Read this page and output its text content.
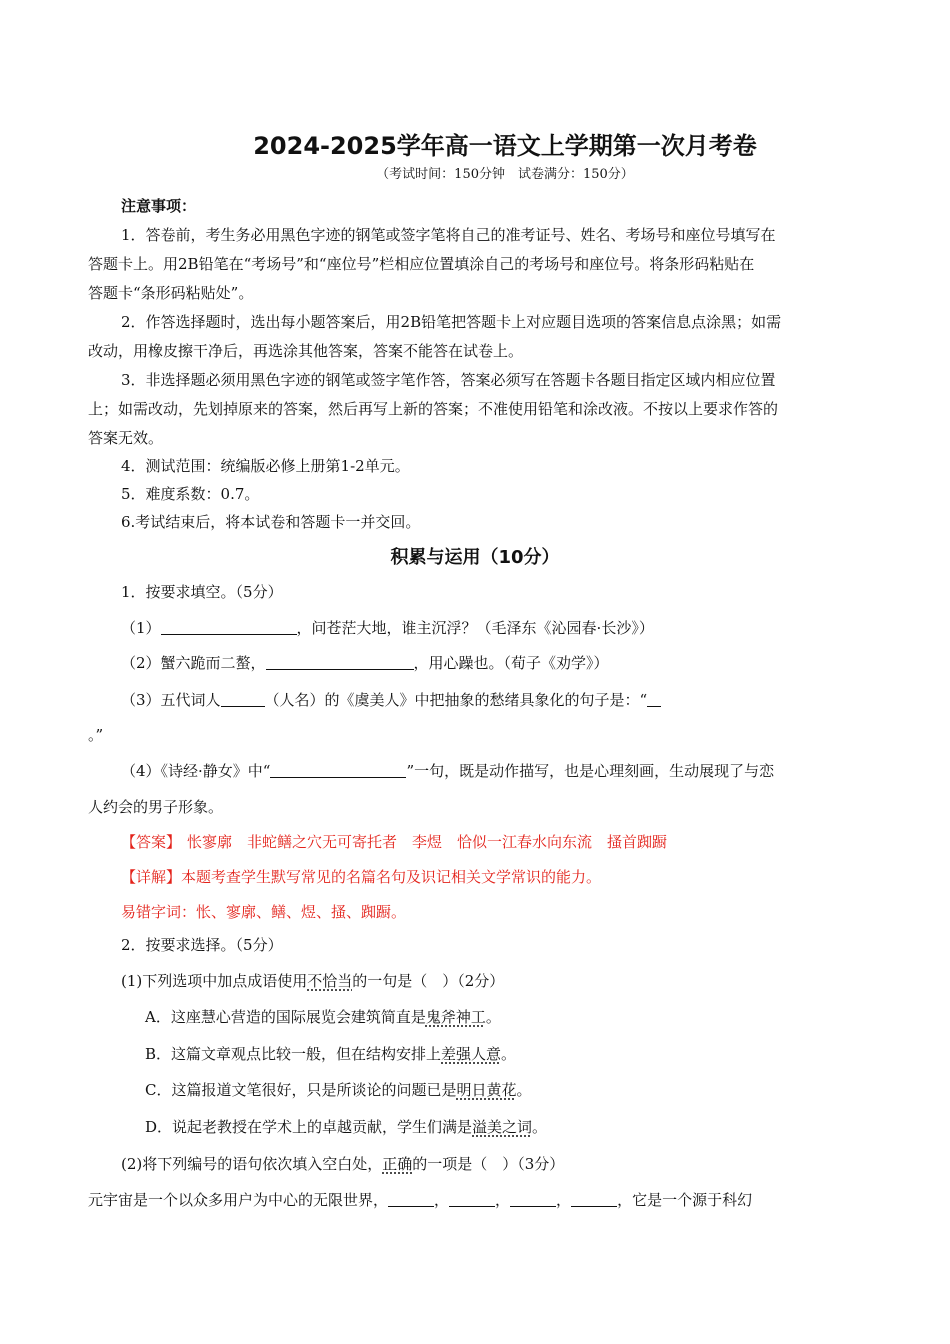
2024-2025学年高一语文上学期第一次月考卷
（考试时间：150分钟　试卷满分：150分）
注意事项：
1．答卷前，考生务必用黑色字迹的钢笔或签字笔将自己的准考证号、姓名、考场号和座位号填写在
答题卡上。用2B铅笔在“考场号”和“座位号”栏相应位置填涂自己的考场号和座位号。将条形码粘贴在
答题卡“条形码粘贴处”。
2．作答选择题时，选出每小题答案后，用2B铅笔把答题卡上对应题目选项的答案信息点涂黑；如需
改动，用橡皮擦干净后，再选涂其他答案，答案不能答在试卷上。
3．非选择题必须用黑色字迹的钢笔或签字笔作答，答案必须写在答题卡各题目指定区域内相应位置
上；如需改动，先划掉原来的答案，然后再写上新的答案；不准使用铅笔和涂改液。不按以上要求作答的
答案无效。
4．测试范围：统编版必修上册第1-2单元。
5．难度系数：0.7。
6.考试结束后，将本试卷和答题卡一并交回。
积累与运用（10分）
1．按要求填空。（5分）
（1）	，问苍茫大地，谁主沉浮？（毛泽东《沁园春·长沙》）
（2）蟹六跪而二螯，	，用心躁也。（荀子《劝学》）
（3）五代词人	（人名）的《虞美人》中把抽象的愁绪具象化的句子是：“
。”
（4）《诗经·静女》中“	”一句，既是动作描写，也是心理刻画，生动展现了与恋
人约会的男子形象。
【答案】 怅寥廓　非蛇鳝之穴无可寄托者　李煜　恰似一江春水向东流　搔首踟蹰
【详解】本题考查学生默写常见的名篇名句及识记相关文学常识的能力。
易错字词：怅、寥廓、鳝、煜、搔、踟蹰。
2．按要求选择。（5分）
(1)下列选项中加点成语使用不恰当的一句是（　）（2分）
A．这座慧心营造的国际展览会建筑简直是鬼斧神工。
B．这篇文章观点比较一般，但在结构安排上差强人意。
C．这篇报道文笔很好，只是所谈论的问题已是明日黄花。
D．说起老教授在学术上的卓越贡献，学生们满是溢美之词。
(2)将下列编号的语句依次填入空白处，正确的一项是（　）（3分）
元宇宙是一个以众多用户为中心的无限世界，	，	，	，	，它是一个源于科幻
